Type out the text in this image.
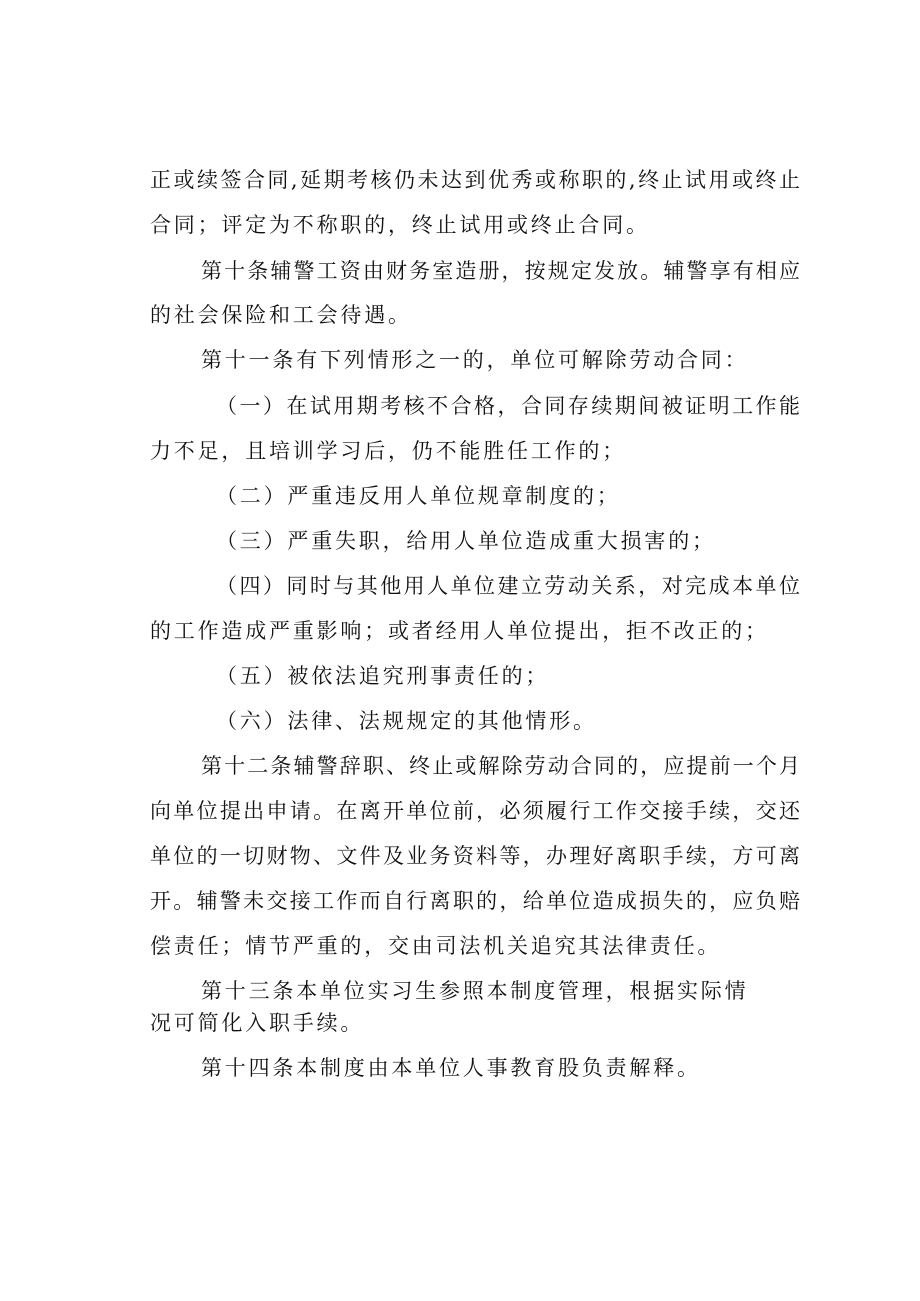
正或续签合同,延期考核仍未达到优秀或称职的,终止试用或终止
合同；评定为不称职的，终止试用或终止合同。
第十条辅警工资由财务室造册，按规定发放。辅警享有相应
的社会保险和工会待遇。
第十一条有下列情形之一的，单位可解除劳动合同：
（一）在试用期考核不合格，合同存续期间被证明工作能
力不足，且培训学习后，仍不能胜任工作的；
（二）严重违反用人单位规章制度的；
（三）严重失职，给用人单位造成重大损害的；
（四）同时与其他用人单位建立劳动关系，对完成本单位
的工作造成严重影响；或者经用人单位提出，拒不改正的；
（五）被依法追究刑事责任的；
（六）法律、法规规定的其他情形。
第十二条辅警辞职、终止或解除劳动合同的，应提前一个月
向单位提出申请。在离开单位前，必须履行工作交接手续，交还
单位的一切财物、文件及业务资料等，办理好离职手续，方可离
开。辅警未交接工作而自行离职的，给单位造成损失的，应负赔
偿责任；情节严重的，交由司法机关追究其法律责任。
第十三条本单位实习生参照本制度管理，根据实际情
况可简化入职手续。
第十四条本制度由本单位人事教育股负责解释。
